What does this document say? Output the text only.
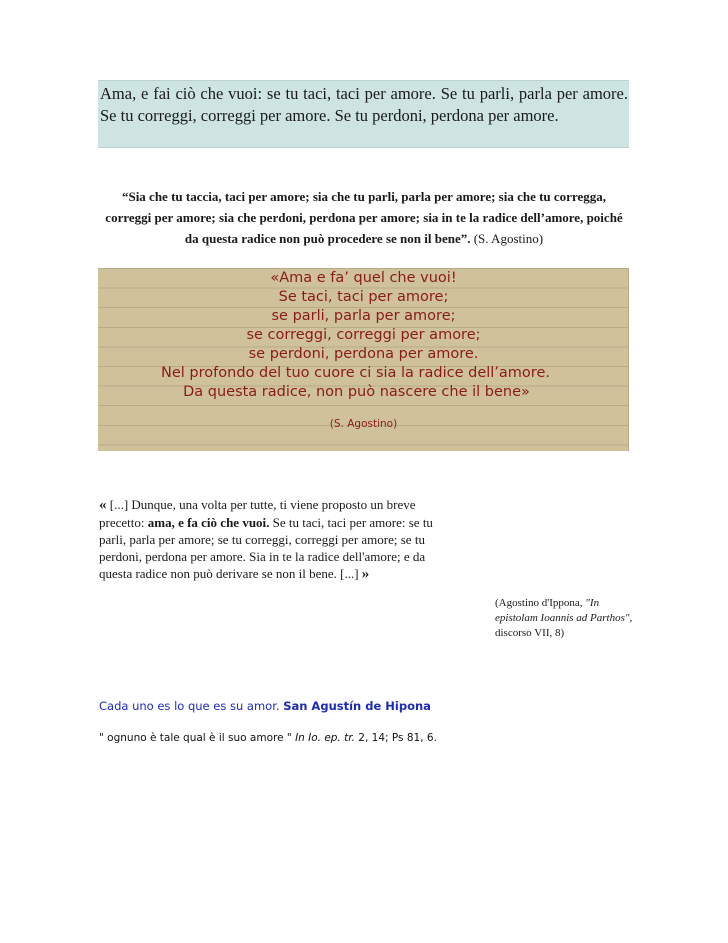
Ama, e fai ciò che vuoi: se tu taci, taci per amore. Se tu parli, parla per amore. Se tu correggi, correggi per amore. Se tu perdoni, perdona per amore.
“Sia che tu taccia, taci per amore; sia che tu parli, parla per amore; sia che tu corregga, correggi per amore; sia che perdoni, perdona per amore; sia in te la radice dell’amore, poiché da questa radice non può procedere se non il bene”. (S. Agostino)
«Ama e fa’ quel che vuoi!
Se taci, taci per amore;
se parli, parla per amore;
se correggi, correggi per amore;
se perdoni, perdona per amore.
Nel profondo del tuo cuore ci sia la radice dell’amore.
Da questa radice, non può nascere che il bene»
(S. Agostino)
« [...] Dunque, una volta per tutte, ti viene proposto un breve precetto: ama, e fa ciò che vuoi. Se tu taci, taci per amore: se tu parli, parla per amore; se tu correggi, correggi per amore; se tu perdoni, perdona per amore. Sia in te la radice dell'amore; e da questa radice non può derivare se non il bene. [...] »
(Agostino d'Ippona, "In epistolam Ioannis ad Parthos", discorso VII, 8)
Cada uno es lo que es su amor. San Agustín de Hipona
" ognuno è tale qual è il suo amore " In Io. ep. tr. 2, 14; Ps 81, 6.
